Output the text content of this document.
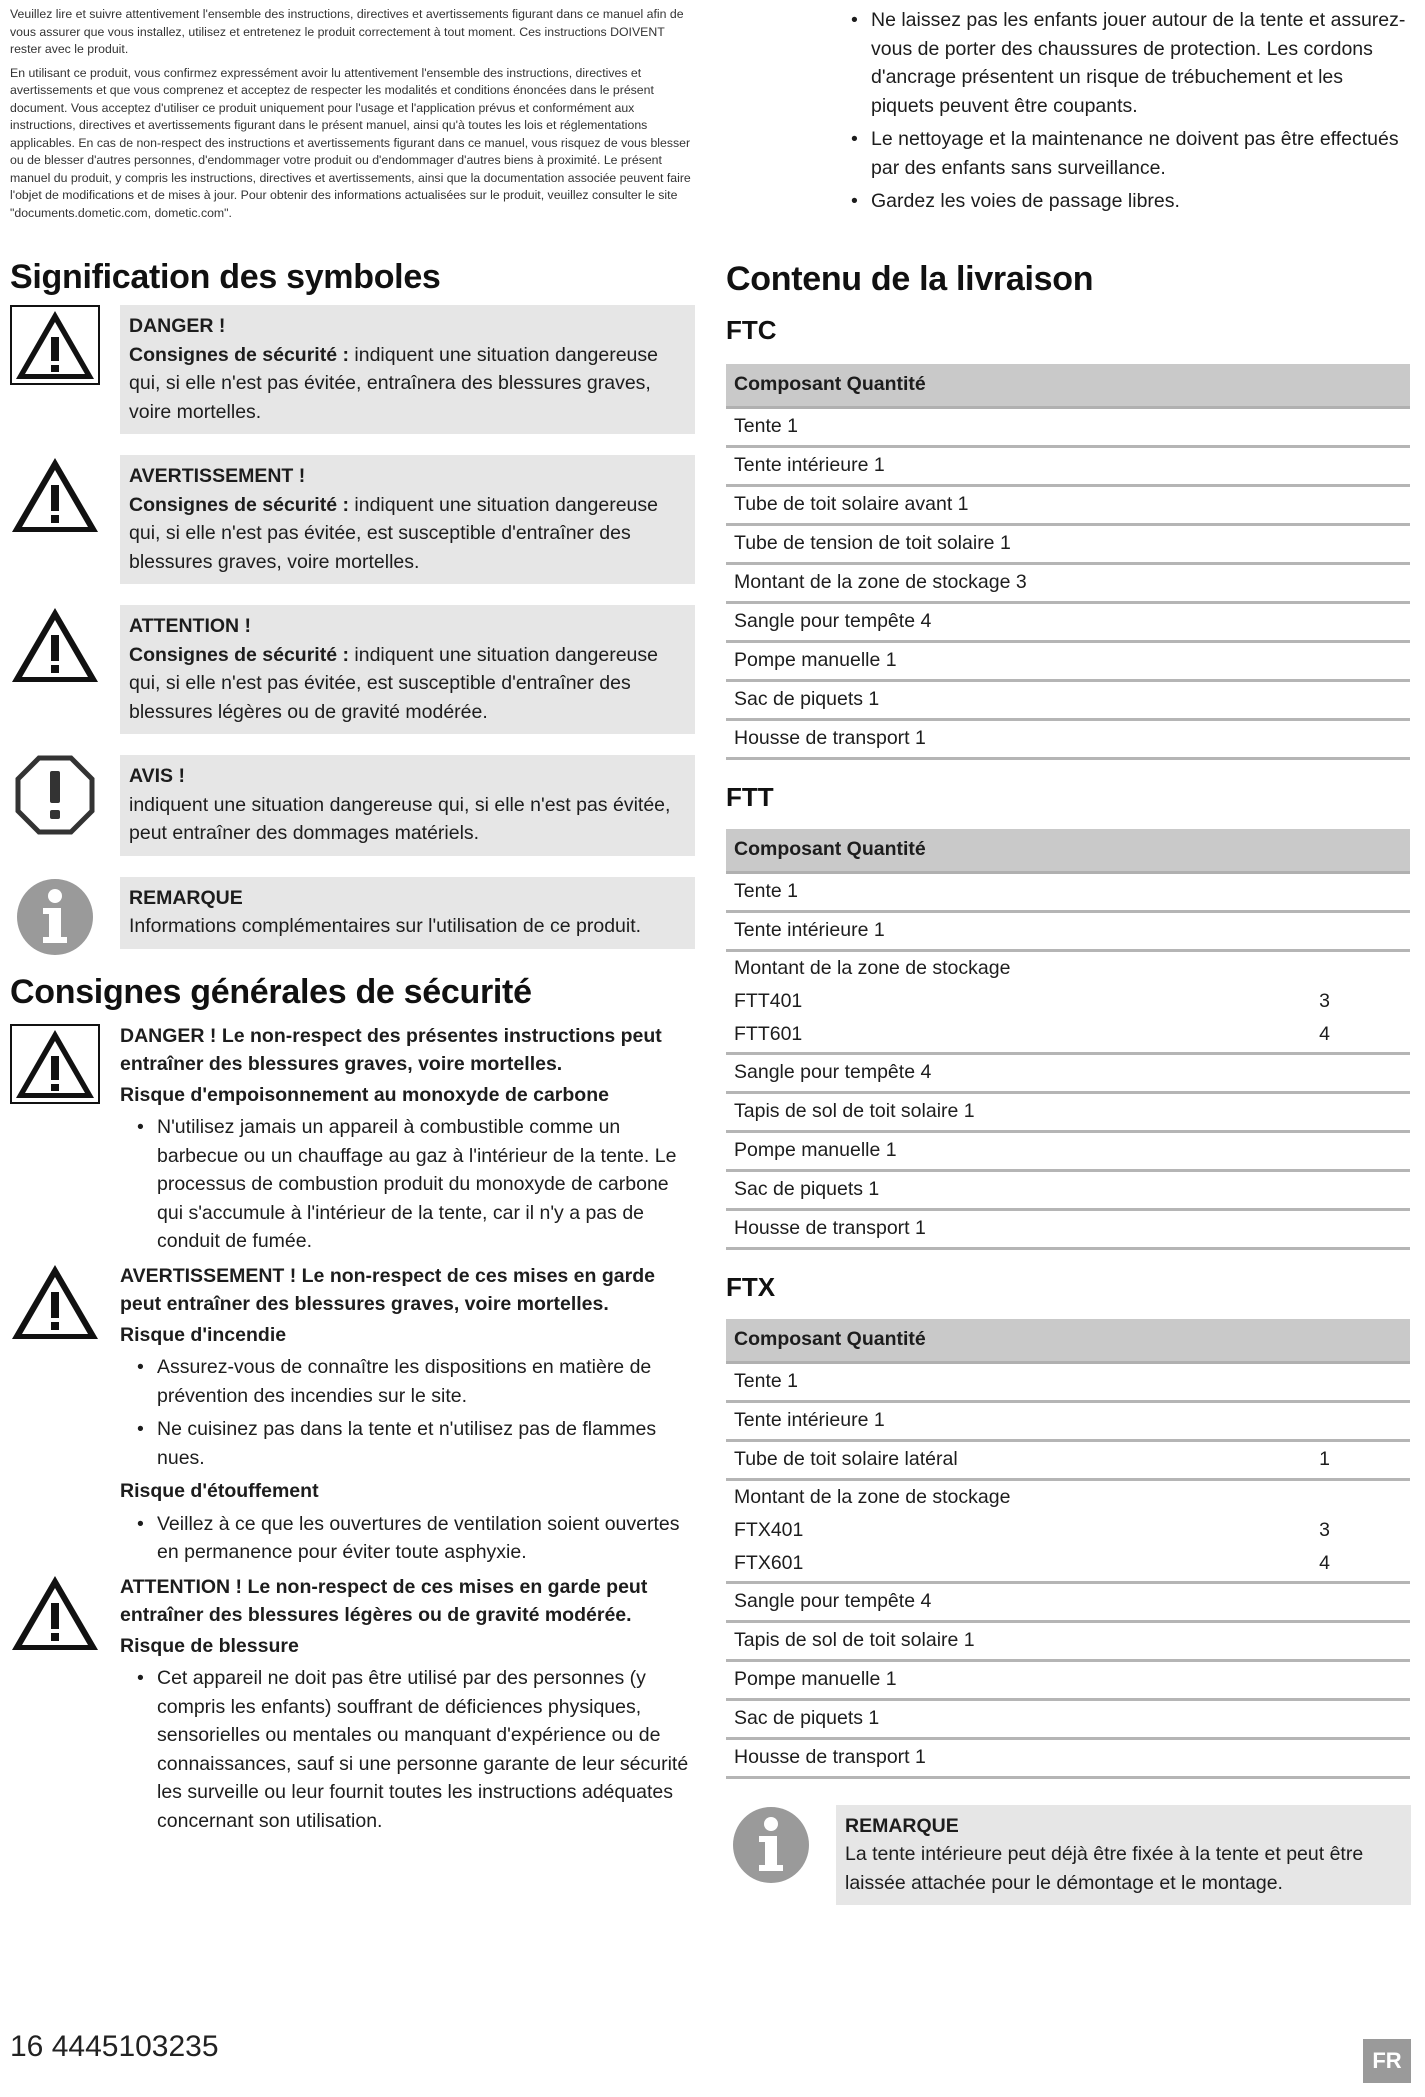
Veuillez lire et suivre attentivement l'ensemble des instructions, directives et avertissements figurant dans ce manuel afin de vous assurer que vous installez, utilisez et entretenez le produit correctement à tout moment. Ces instructions DOIVENT rester avec le produit.

En utilisant ce produit, vous confirmez expressément avoir lu attentivement l'ensemble des instructions, directives et avertissements et que vous comprenez et acceptez de respecter les modalités et conditions énoncées dans le présent document. Vous acceptez d'utiliser ce produit uniquement pour l'usage et l'application prévus et conformément aux instructions, directives et avertissements figurant dans le présent manuel, ainsi qu'à toutes les lois et réglementations applicables. En cas de non-respect des instructions et avertissements figurant dans ce manuel, vous risquez de vous blesser ou de blesser d'autres personnes, d'endommager votre produit ou d'endommager d'autres biens à proximité. Le présent manuel du produit, y compris les instructions, directives et avertissements, ainsi que la documentation associée peuvent faire l'objet de modifications et de mises à jour. Pour obtenir des informations actualisées sur le produit, veuillez consulter le site "documents.dometic.com, dometic.com".

Signification des symboles
DANGER !
Consignes de sécurité : indiquent une situation dangereuse qui, si elle n'est pas évitée, entraînera des blessures graves, voire mortelles.
AVERTISSEMENT !
Consignes de sécurité : indiquent une situation dangereuse qui, si elle n'est pas évitée, est susceptible d'entraîner des blessures graves, voire mortelles.
ATTENTION !
Consignes de sécurité : indiquent une situation dangereuse qui, si elle n'est pas évitée, est susceptible d'entraîner des blessures légères ou de gravité modérée.
AVIS !
indiquent une situation dangereuse qui, si elle n'est pas évitée, peut entraîner des dommages matériels.
REMARQUE
Informations complémentaires sur l'utilisation de ce produit.
Consignes générales de sécurité
DANGER ! Le non-respect des présentes instructions peut entraîner des blessures graves, voire mortelles.
Risque d'empoisonnement au monoxyde de carbone

• N'utilisez jamais un appareil à combustible comme un barbecue ou un chauffage au gaz à l'intérieur de la tente. Le processus de combustion produit du monoxyde de carbone qui s'accumule à l'intérieur de la tente, car il n'y a pas de conduit de fumée.

AVERTISSEMENT ! Le non-respect de ces mises en garde peut entraîner des blessures graves, voire mortelles.
Risque d'incendie

• Assurez-vous de connaître les dispositions en matière de prévention des incendies sur le site.

• Ne cuisinez pas dans la tente et n'utilisez pas de flammes nues.

Risque d'étouffement

• Veillez à ce que les ouvertures de ventilation soient ouvertes en permanence pour éviter toute asphyxie.

ATTENTION ! Le non-respect de ces mises en garde peut entraîner des blessures légères ou de gravité modérée.
Risque de blessure

• Cet appareil ne doit pas être utilisé par des personnes (y compris les enfants) souffrant de déficiences physiques, sensorielles ou mentales ou manquant d'expérience ou de connaissances, sauf si une personne garante de leur sécurité les surveille ou leur fournit toutes les instructions adéquates concernant son utilisation.

• Ne laissez pas les enfants jouer autour de la tente et assurez-vous de porter des chaussures de protection. Les cordons d'ancrage présentent un risque de trébuchement et les piquets peuvent être coupants.

• Le nettoyage et la maintenance ne doivent pas être effectués par des enfants sans surveillance.

• Gardez les voies de passage libres.

Contenu de la livraison
FTC
Composant Quantité
Tente 1
Tente intérieure 1
Tube de toit solaire avant 1
Tube de tension de toit solaire 1
Montant de la zone de stockage 3
Sangle pour tempête 4
Pompe manuelle 1
Sac de piquets 1
Housse de transport 1
FTT
Composant Quantité	
Tente 1	
Tente intérieure 1	
Montant de la zone de stockage	
FTT401	3
FTT601	4
Sangle pour tempête 4	
Tapis de sol de toit solaire 1	
Pompe manuelle 1	
Sac de piquets 1	
Housse de transport 1	
FTX
Composant Quantité	
Tente 1	
Tente intérieure 1	
Tube de toit solaire latéral	1
Montant de la zone de stockage	
FTX401	3
FTX601	4
Sangle pour tempête 4	
Tapis de sol de toit solaire 1	
Pompe manuelle 1	
Sac de piquets 1	
Housse de transport 1	
REMARQUE
La tente intérieure peut déjà être fixée à la tente et peut être laissée attachée pour le démontage et le montage.
16 4445103235	FR
